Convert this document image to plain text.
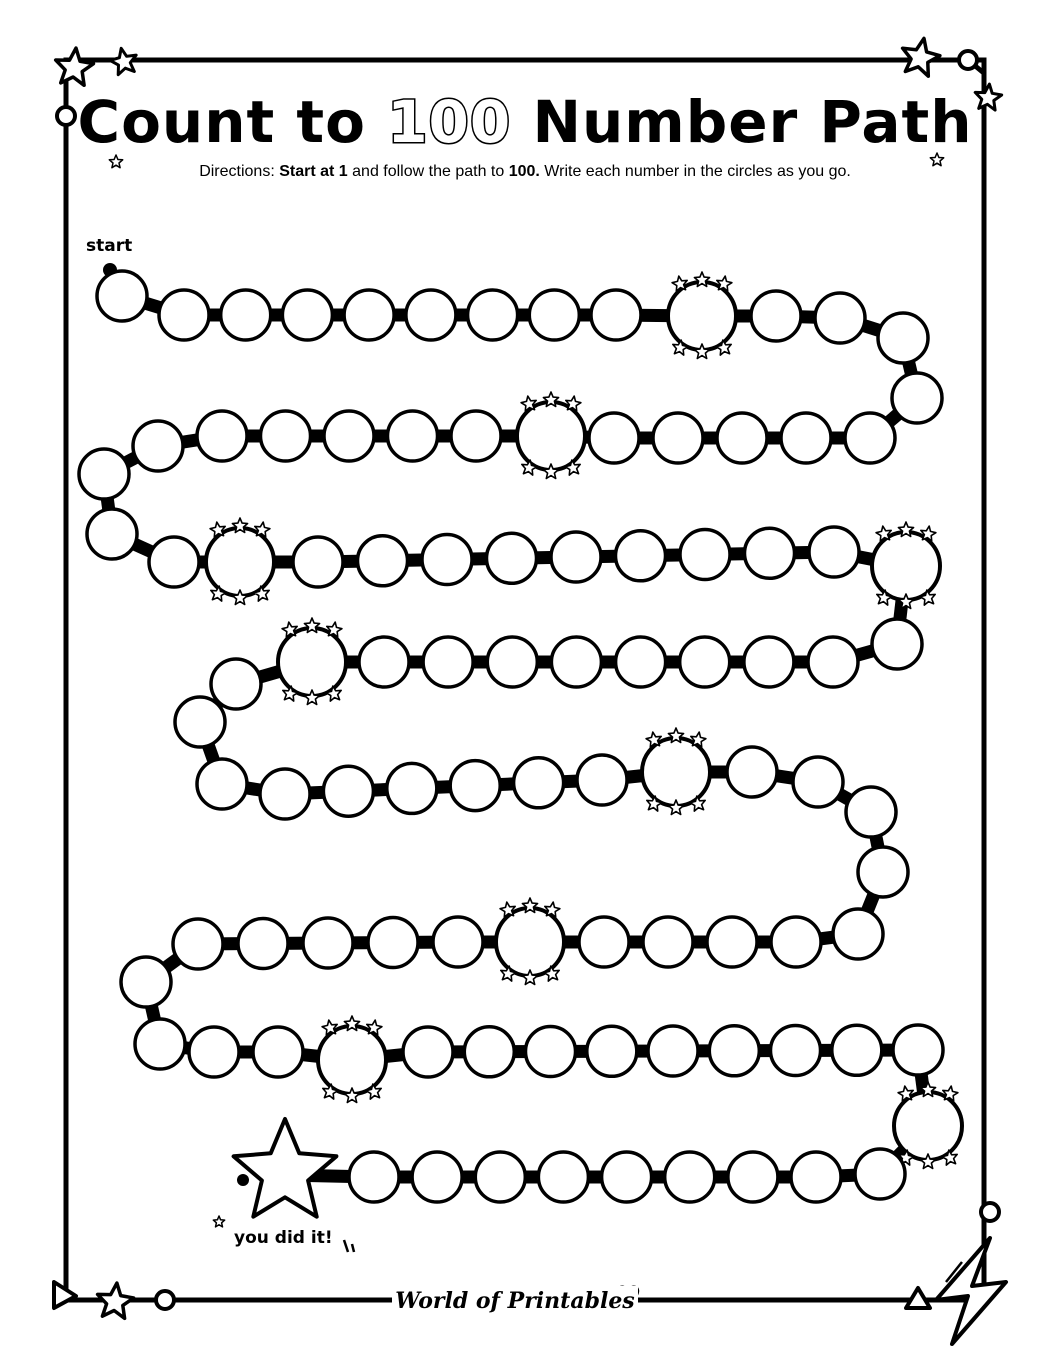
Count to 100 Number Path
Directions: Start at 1 and follow the path to 100. Write each number in the circles as you go.
start
you did it!
World of Printables
